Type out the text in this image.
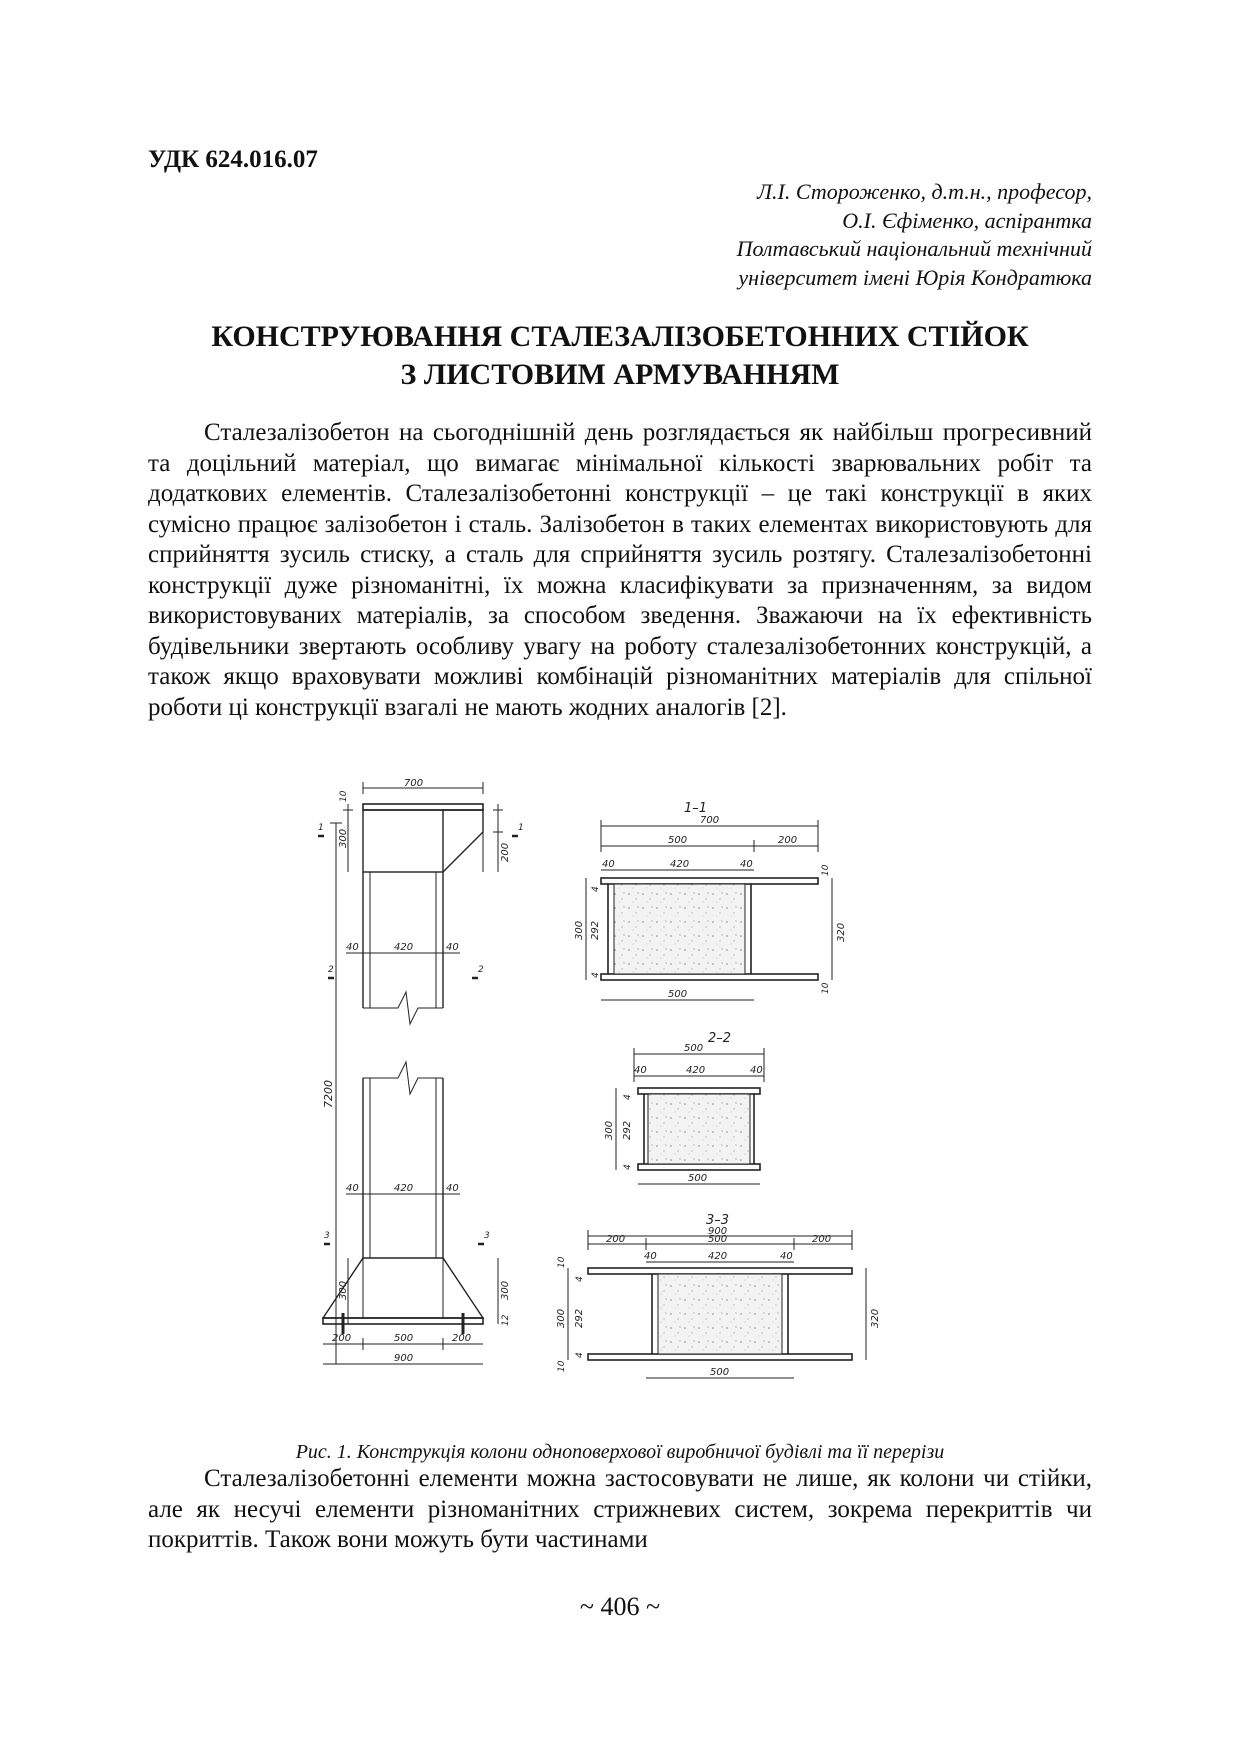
УДК 624.016.07
Л.І. Стороженко, д.т.н., професор,
О.І. Єфіменко, аспірантка
Полтавський національний технічний
університет імені Юрія Кондратюка
КОНСТРУЮВАННЯ СТАЛЕЗАЛІЗОБЕТОННИХ СТІЙОК
З ЛИСТОВИМ АРМУВАННЯМ

Сталезалізобетон на сьогоднішній день розглядається як найбільш прогресивний та доцільний матеріал, що вимагає мінімальної кількості зварювальних робіт та додаткових елементів. Сталезалізобетонні конструкції – це такі конструкції в яких сумісно працює залізобетон і сталь. Залізобетон в таких елементах використовують для сприйняття зусиль стиску, а сталь для сприйняття зусиль розтягу. Сталезалізобетонні конструкції дуже різноманітні, їх можна класифікувати за призначенням, за видом використовуваних матеріалів, за способом зведення. Зважаючи на їх ефективність будівельники звертають особливу увагу на роботу сталезалізобетонних конструкцій, а також якщо враховувати можливі комбінацій різноманітних матеріалів для спільної роботи ці конструкції взагалі не мають жодних аналогів [2].

700
7200
10
300
200
40	420	40
40	420	40
300	300
12
200	500	200
900
1	1
2	2
3	3
1–1
700
500	200
40	420	40
300 292
4
4
320
10
10
500
2–2
500
40	420	40
300 292
4
4
500
3–3
900
200	500	200
40	420	40
300 292
4
4
10
10
320
500
Рис. 1. Конструкція колони одноповерхової виробничої будівлі та її перерізи

Сталезалізобетонні елементи можна застосовувати не лише, як колони чи стійки, але як несучі елементи різноманітних стрижневих систем, зокрема перекриттів чи покриттів. Також вони можуть бути частинами

~ 406 ~
